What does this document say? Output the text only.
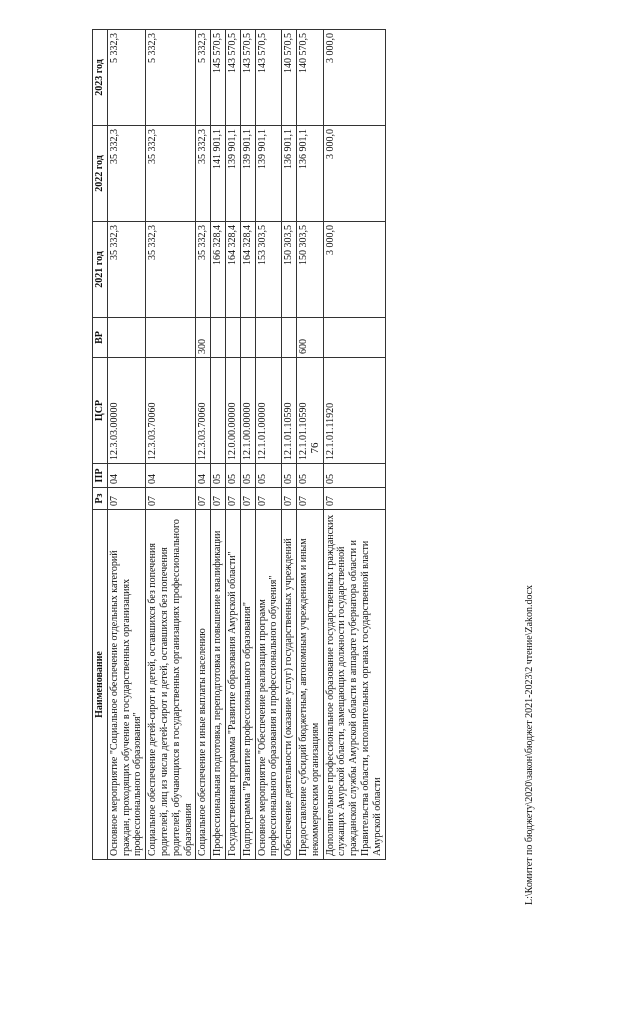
76
Наименование	Рз	ПР	ЦСР	ВР	2021 год	2022 год	2023 год
Основное мероприятие "Социальное обеспечение отдельных категорий граждан, проходящих обучение в государственных организациях профессионального образования"	07	04	12.3.03.00000		35 332,3	35 332,3	5 332,3
Социальное обеспечение детей-сирот и детей, оставшихся без попечения родителей, лиц из числа детей-сирот и детей, оставшихся без попечения родителей, обучающихся в государственных организациях профессионального образования	07	04	12.3.03.70060		35 332,3	35 332,3	5 332,3
Социальное обеспечение и иные выплаты населению	07	04	12.3.03.70060	300	35 332,3	35 332,3	5 332,3
Профессиональная подготовка, переподготовка и повышение квалификации	07	05			166 328,4	141 901,1	145 570,5
Государственная программа "Развитие образования Амурской области"	07	05	12.0.00.00000		164 328,4	139 901,1	143 570,5
Подпрограмма "Развитие профессионального образования"	07	05	12.1.00.00000		164 328,4	139 901,1	143 570,5
Основное мероприятие "Обеспечение реализации программ профессионального образования и профессионального обучения"	07	05	12.1.01.00000		153 303,5	139 901,1	143 570,5
Обеспечение деятельности (оказание услуг) государственных учреждений	07	05	12.1.01.10590		150 303,5	136 901,1	140 570,5
Предоставление субсидий бюджетным, автономным учреждениям и иным некоммерческим организациям	07	05	12.1.01.10590	600	150 303,5	136 901,1	140 570,5
Дополнительное профессиональное образование государственных гражданских служащих Амурской области, замещающих должности государственной гражданской службы Амурской области в аппарате губернатора области и Правительства области, исполнительных органах государственной власти Амурской области	07	05	12.1.01.11920		3 000,0	3 000,0	3 000,0
L:\Комитет по бюджету\2020\закон\бюджет 2021-2023\2 чтение\Zakon.docx
